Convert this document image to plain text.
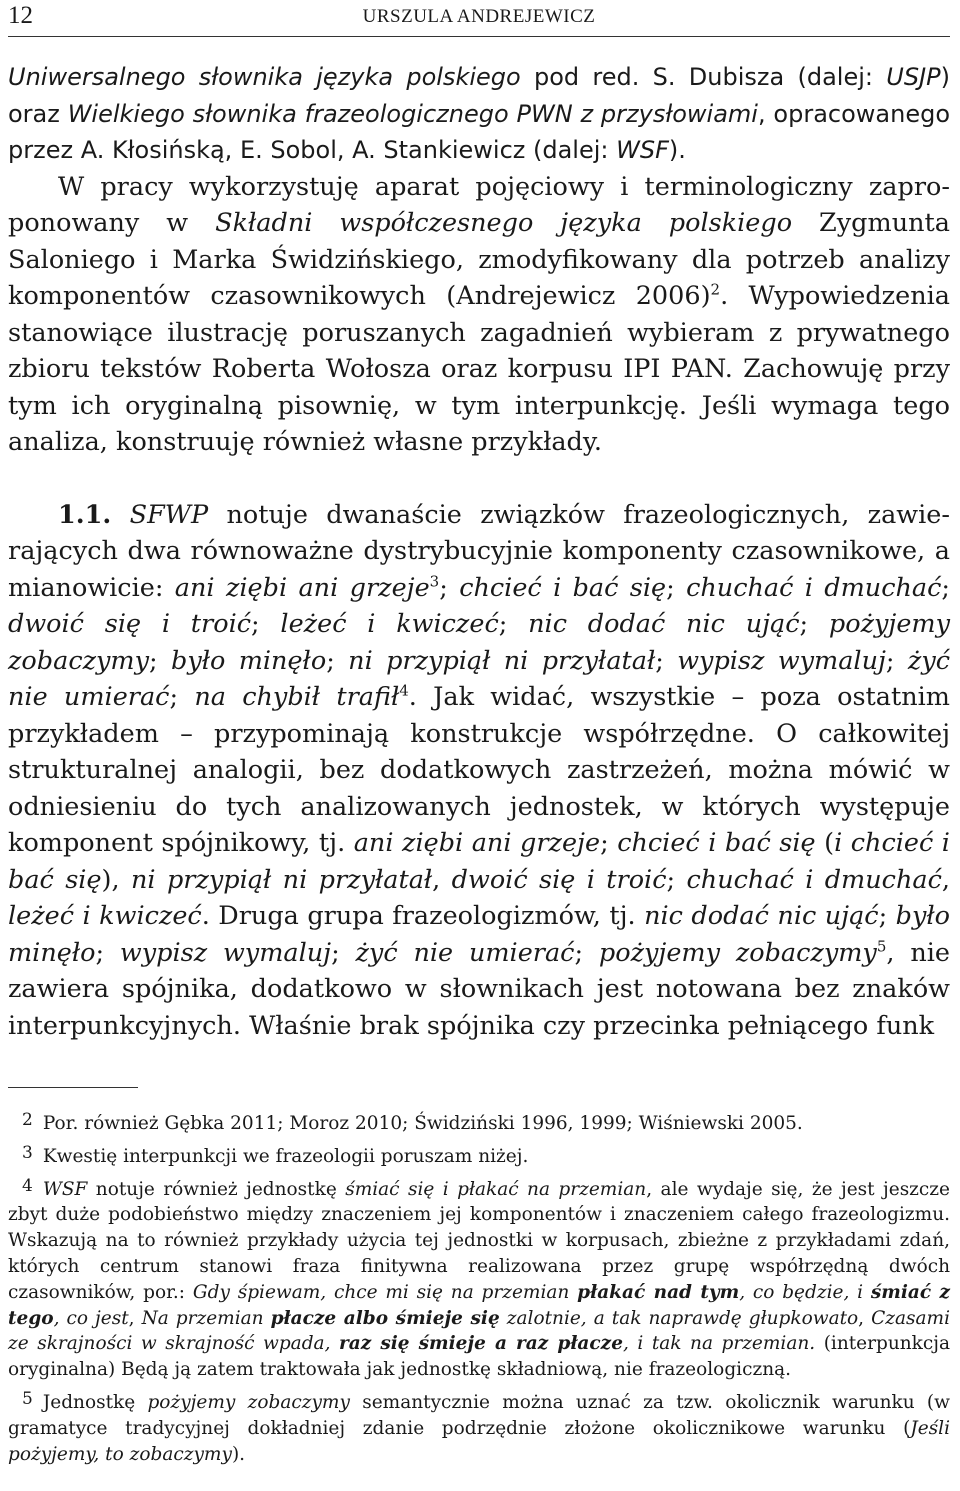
12	URSZULA ANDREJEWICZ

Uniwersalnego słownika języka polskiego pod red. S. Dubisza (dalej: USJP) oraz Wielkiego słownika frazeologicznego PWN z przysłowiami, opracowanego przez A. Kłosińską, E. Sobol, A. Stankiewicz (dalej: WSF).

W pracy wykorzystuję aparat pojęciowy i terminologiczny zaproponowany w Składni współczesnego języka polskiego Zygmunta Saloniego i Marka Świdzińskiego, zmodyfikowany dla potrzeb analizy komponentów czasownikowych (Andrejewicz 2006)$^2$. Wypowiedzenia stanowiące ilustrację poruszanych zagadnień wybieram z prywatnego zbioru tekstów Roberta Wołosza oraz korpusu IPI PAN. Zachowuję przy tym ich oryginalną pisownię, w tym interpunkcję. Jeśli wymaga tego analiza, konstruuję również własne przykłady.

1.1. SFWP notuje dwanaście związków frazeologicznych, zawierających dwa równoważne dystrybucyjnie komponenty czasownikowe, a mianowicie: ani ziębi ani grzeje$^3$; chcieć i bać się; chuchać i dmuchać; dwoić się i troić; leżeć i kwiczeć; nic dodać nic ująć; pożyjemy zobaczymy; było minęło; ni przypiął ni przyłatał; wypisz wymaluj; żyć nie umierać; na chybił trafił$^4$. Jak widać, wszystkie – poza ostatnim przykładem – przypominają konstrukcje współrzędne. O całkowitej strukturalnej analogii, bez dodatkowych zastrzeżeń, można mówić w odniesieniu do tych analizowanych jednostek, w których występuje komponent spójnikowy, tj. ani ziębi ani grzeje; chcieć i bać się (i chcieć i bać się), ni przypiął ni przyłatał, dwoić się i troić; chuchać i dmuchać, leżeć i kwiczeć. Druga grupa frazeologizmów, tj. nic dodać nic ująć; było minęło; wypisz wymaluj; żyć nie umierać; pożyjemy zobaczymy$^5$, nie zawiera spójnika, dodatkowo w słownikach jest notowana bez znaków interpunkcyjnych. Właśnie brak spójnika czy przecinka pełniącego funk

2 Por. również Gębka 2011; Moroz 2010; Świdziński 1996, 1999; Wiśniewski 2005.

3 Kwestię interpunkcji we frazeologii poruszam niżej.

4 WSF notuje również jednostkę śmiać się i płakać na przemian, ale wydaje się, że jest jeszcze zbyt duże podobieństwo między znaczeniem jej komponentów i znaczeniem całego frazeologizmu. Wskazują na to również przykłady użycia tej jednostki w korpusach, zbieżne z przykładami zdań, których centrum stanowi fraza finitywna realizowana przez grupę współrzędną dwóch czasowników, por.: Gdy śpiewam, chce mi się na przemian płakać nad tym, co będzie, i śmiać z tego, co jest, Na przemian płacze albo śmieje się zalotnie, a tak naprawdę głupkowato, Czasami ze skrajności w skrajność wpada, raz się śmieje a raz płacze, i tak na przemian. (interpunkcja oryginalna) Będą ją zatem traktowała jak jednostkę składniową, nie frazeologiczną.

5 Jednostkę pożyjemy zobaczymy semantycznie można uznać za tzw. okolicznik warunku (w gramatyce tradycyjnej dokładniej zdanie podrzędnie złożone okolicznikowe warunku (Jeśli pożyjemy, to zobaczymy).
